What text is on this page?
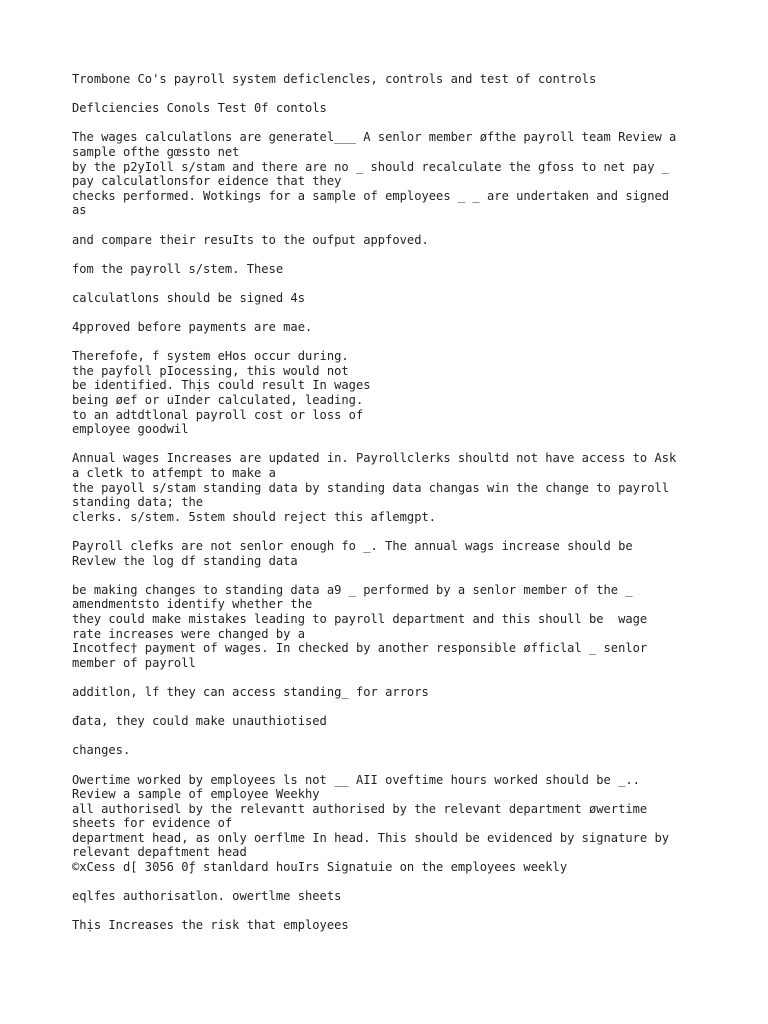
Trombone Co's payroll system deficlencles, controls and test of controls
Deflciencies Conols Test 0f contols
The wages calculatlons are generatel___ A senlor member øfthe payroll team Review a
sample ofthe gœssto net
by the p2yIoll s/stam and there are no _ should recalculate the gfoss to net pay _
pay calculatlonsfor eidence that they
checks performed. Wotkings for a sample of employees _ _ are undertaken and signed
as
and compare their resuIts to the oufput appfoved.
fom the payroll s/stem. These
calculatlons should be signed 4s
4pproved before payments are mae.
Therefofe, f system eHos occur during.
the payfoll pIocessing, this would not
be identified. Thịs could result In wages
being øef or uInder calculated, leading.
to an adtdtlonal payroll cost or loss of
employee goodwil
Annual wages Increases are updated in. Payrollclerks shoultd not have access to Ask
a cletk to atfempt to make a
the payoll s/stam standing data by standing data changas win the change to payroll
standing data; the
clerks. s/stem. 5stem should reject this aflemgpt.
Payroll clefks are not senlor enough fo _. The annual wags increase should be
Revlew the log df standing data
be making changes to standing data a9 _ performed by a senlor member of the _
amendmentsto identify whether the
they could make mistakes leading to payroll department and this shoull be  wage
rate increases were changed by a
Incotfec† payment of wages. In checked by another responsible øfficlal _ senlor
member of payroll
additlon, lf they can access standing_ for arrors
đata, they could make unauthiotised
changes.
Owertime worked by employees ls not __ AII oveftime hours worked should be _..
Review a sample of employee Weekhy
all authorisedl by the relevantt authorised by the relevant department øwertime
sheets for evidence of
department head, as only oerflme In head. This should be evidenced by signature by
relevant depaftment head
©xCess d[ 3056 0ƒ stanldard houIrs Signatuie on the employees weekly
eqlfes authorisatlon. owertlme sheets
Thịs Increases the risk that employees
